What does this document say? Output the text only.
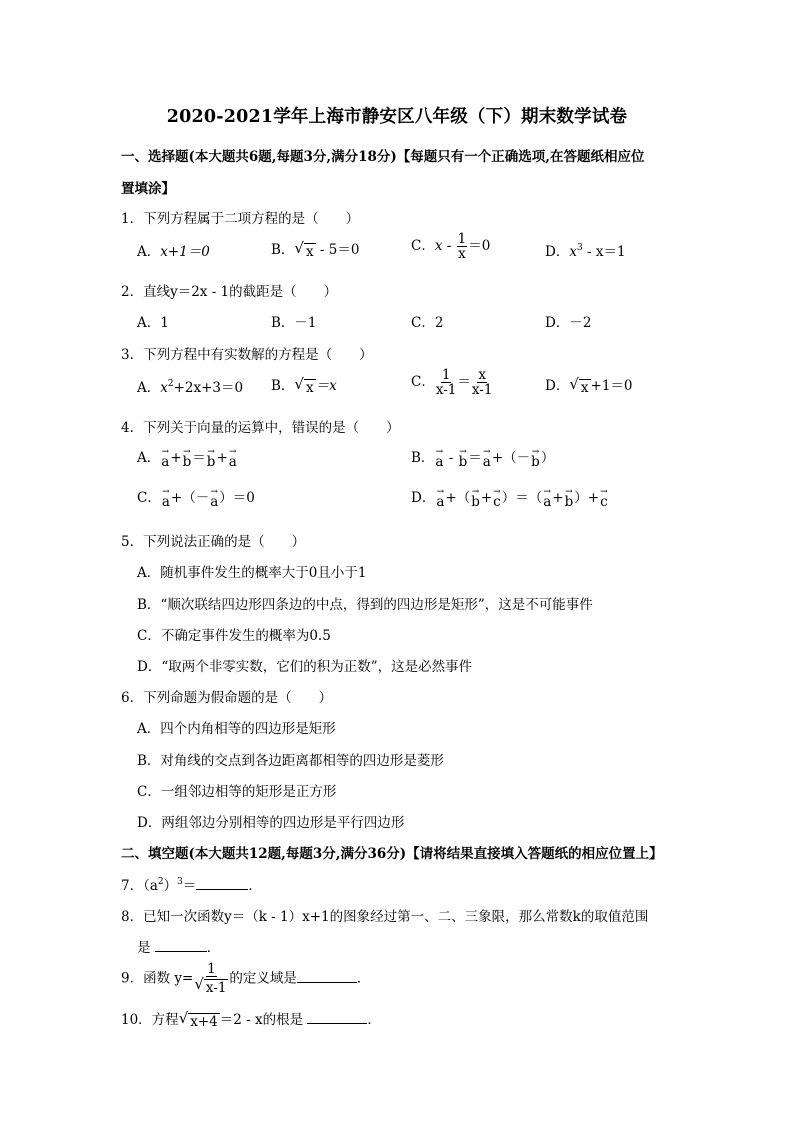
2020-2021学年上海市静安区八年级（下）期末数学试卷
一、选择题(本大题共6题,每题3分,满分18分)【每题只有一个正确选项,在答题纸相应位
置填涂】
1．下列方程属于二项方程的是（　　）
A．x+1＝0	B． √ x - 5＝0	C．$x - \frac{1}{x} =0$	D．$x^3 - x=1$
2．直线y＝2x - 1的截距是（　　）
A．1	B．－1	C．2	D．－2
3．下列方程中有实数解的方程是（　　）
A．$x^2+2x+3=0$ B． √ x ＝x	C． $\frac{1}{x-1} = \frac{x}{x-1}$	D． √ x +1＝0
4．下列关于向量的运算中，错误的是（　　）
A． →
a + →
b ＝ →
b + →
a	B． →
a - →
b ＝ →
a +（－ →
b ）
C． →
a +（－ →
a ）＝0	D． →
a +（ →
b + →
c ）＝（ →
a + →
b ）+ →
c
5．下列说法正确的是（　　）
A．随机事件发生的概率大于0且小于1
B．“顺次联结四边形四条边的中点，得到的四边形是矩形”，这是不可能事件
C．不确定事件发生的概率为0.5
D．“取两个非零实数，它们的积为正数”，这是必然事件
6．下列命题为假命题的是（　　）
A．四个内角相等的四边形是矩形
B．对角线的交点到各边距离都相等的四边形是菱形
C．一组邻边相等的矩形是正方形
D．两组邻边分别相等的四边形是平行四边形
二、填空题(本大题共12题,每题3分,满分36分)【请将结果直接填入答题纸的相应位置上】
7．$(a^2)^3=$	．
8．已知一次函数y＝（k - 1）x+1的图象经过第一、二、三象限，那么常数k的取值范围
是	．
9．函数 $y= \frac{1}{√ x-1}$ 的定义域是	．
10．方程 √ x+4 ＝2 - x的根是	．
